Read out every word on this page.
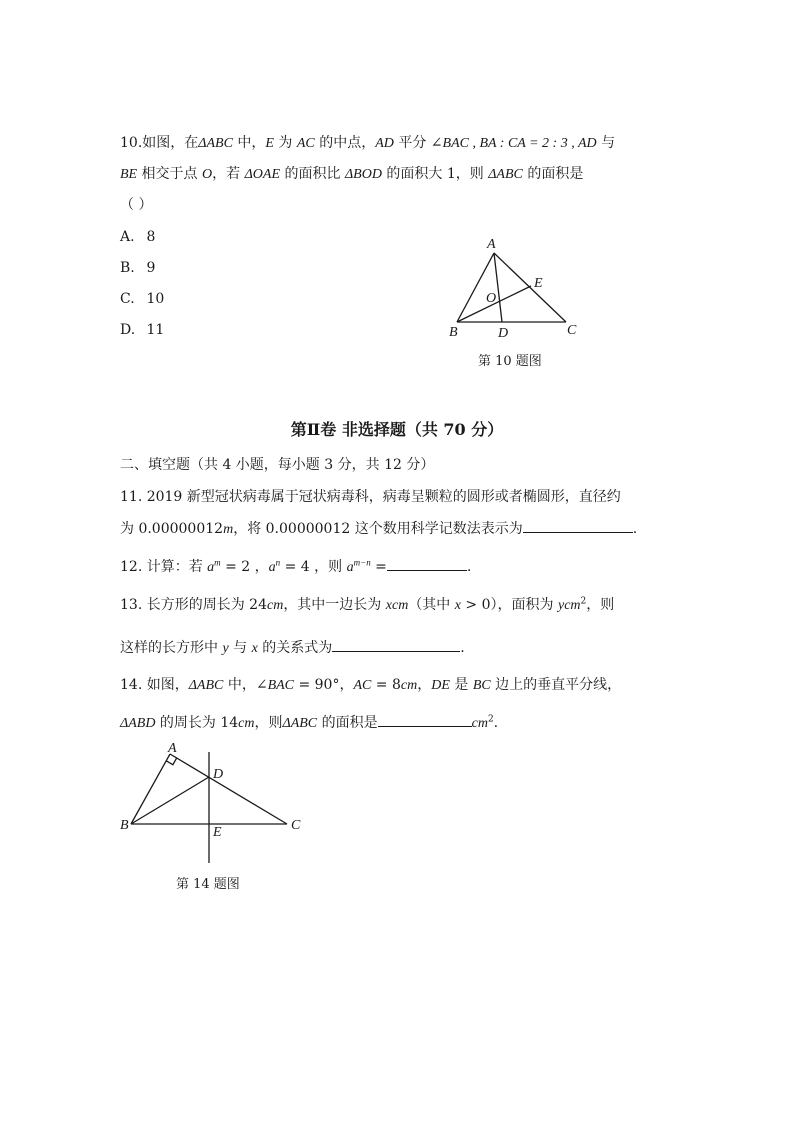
10.如图，在ΔABC 中，E 为 AC 的中点，AD 平分 ∠BAC , BA : CA = 2 : 3 , AD 与
BE 相交于点 O，若 ΔOAE 的面积比 ΔBOD 的面积大 1，则 ΔABC 的面积是
（ ）
A. 8
B. 9
C. 10
D. 11
A
B	C
D
E
O
第 10 题图
第Ⅱ卷 非选择题（共 70 分）
二、填空题（共 4 小题，每小题 3 分，共 12 分）
11. 2019 新型冠状病毒属于冠状病毒科，病毒呈颗粒的圆形或者椭圆形，直径约
为 0.00000012m，将 0.00000012 这个数用科学记数法表示为	.
12. 计算：若 $a^m = 2$ ，$a^n = 4$ ，则 $a^{m-n}$ =	.
13. 长方形的周长为 24cm，其中一边长为 xcm（其中 x > 0），面积为 ycm$^2$，则
这样的长方形中 y 与 x 的关系式为	.
14. 如图，ΔABC 中，∠BAC = 90°，AC = 8cm，DE 是 BC 边上的垂直平分线，
ΔABD 的周长为 14cm，则ΔABC 的面积是	$cm^2$.
A
B	C
D
E
第 14 题图
